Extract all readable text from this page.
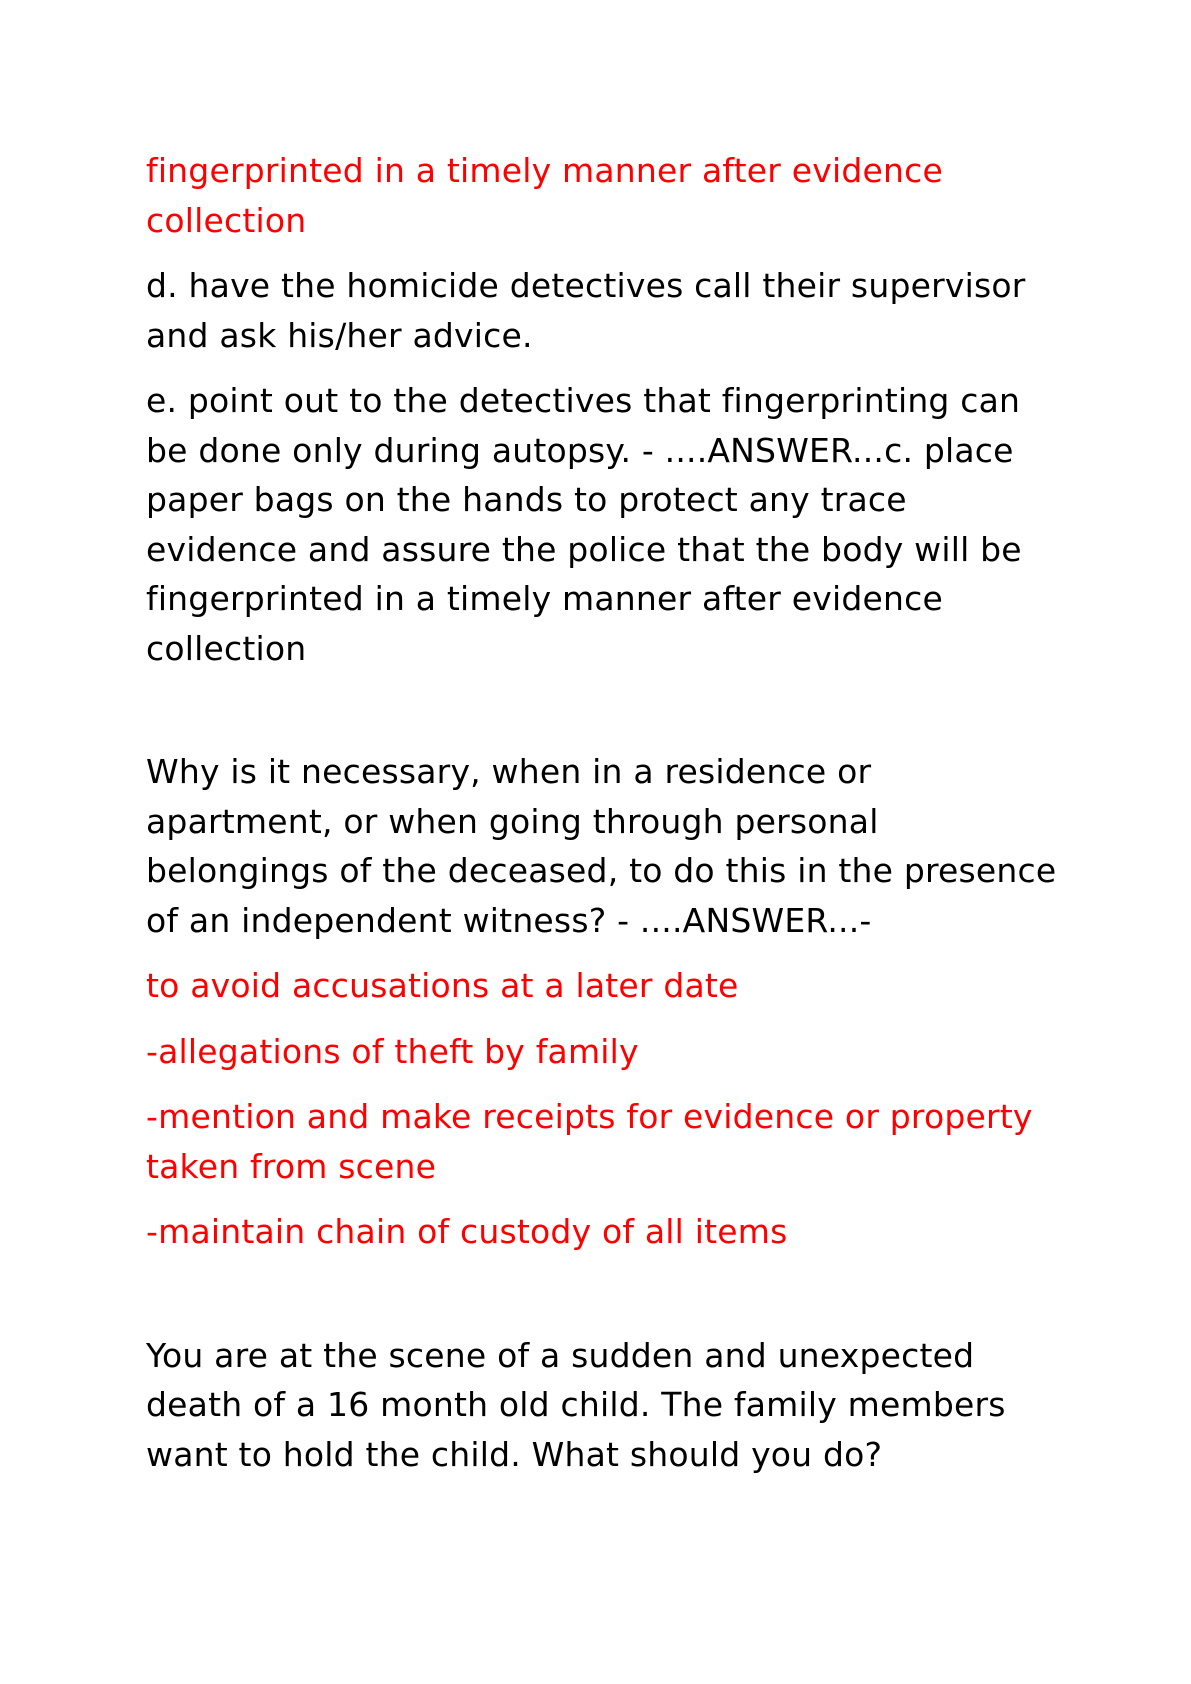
fingerprinted in a timely manner after evidence collection

d. have the homicide detectives call their supervisor and ask his/her advice.

e. point out to the detectives that fingerprinting can be done only during autopsy. - ....ANSWER...c. place paper bags on the hands to protect any trace evidence and assure the police that the body will be fingerprinted in a timely manner after evidence collection

Why is it necessary, when in a residence or apartment, or when going through personal belongings of the deceased, to do this in the presence of an independent witness? - ....ANSWER...-

to avoid accusations at a later date

-allegations of theft by family

-mention and make receipts for evidence or property taken from scene

-maintain chain of custody of all items

You are at the scene of a sudden and unexpected death of a 16 month old child. The family members want to hold the child. What should you do?
